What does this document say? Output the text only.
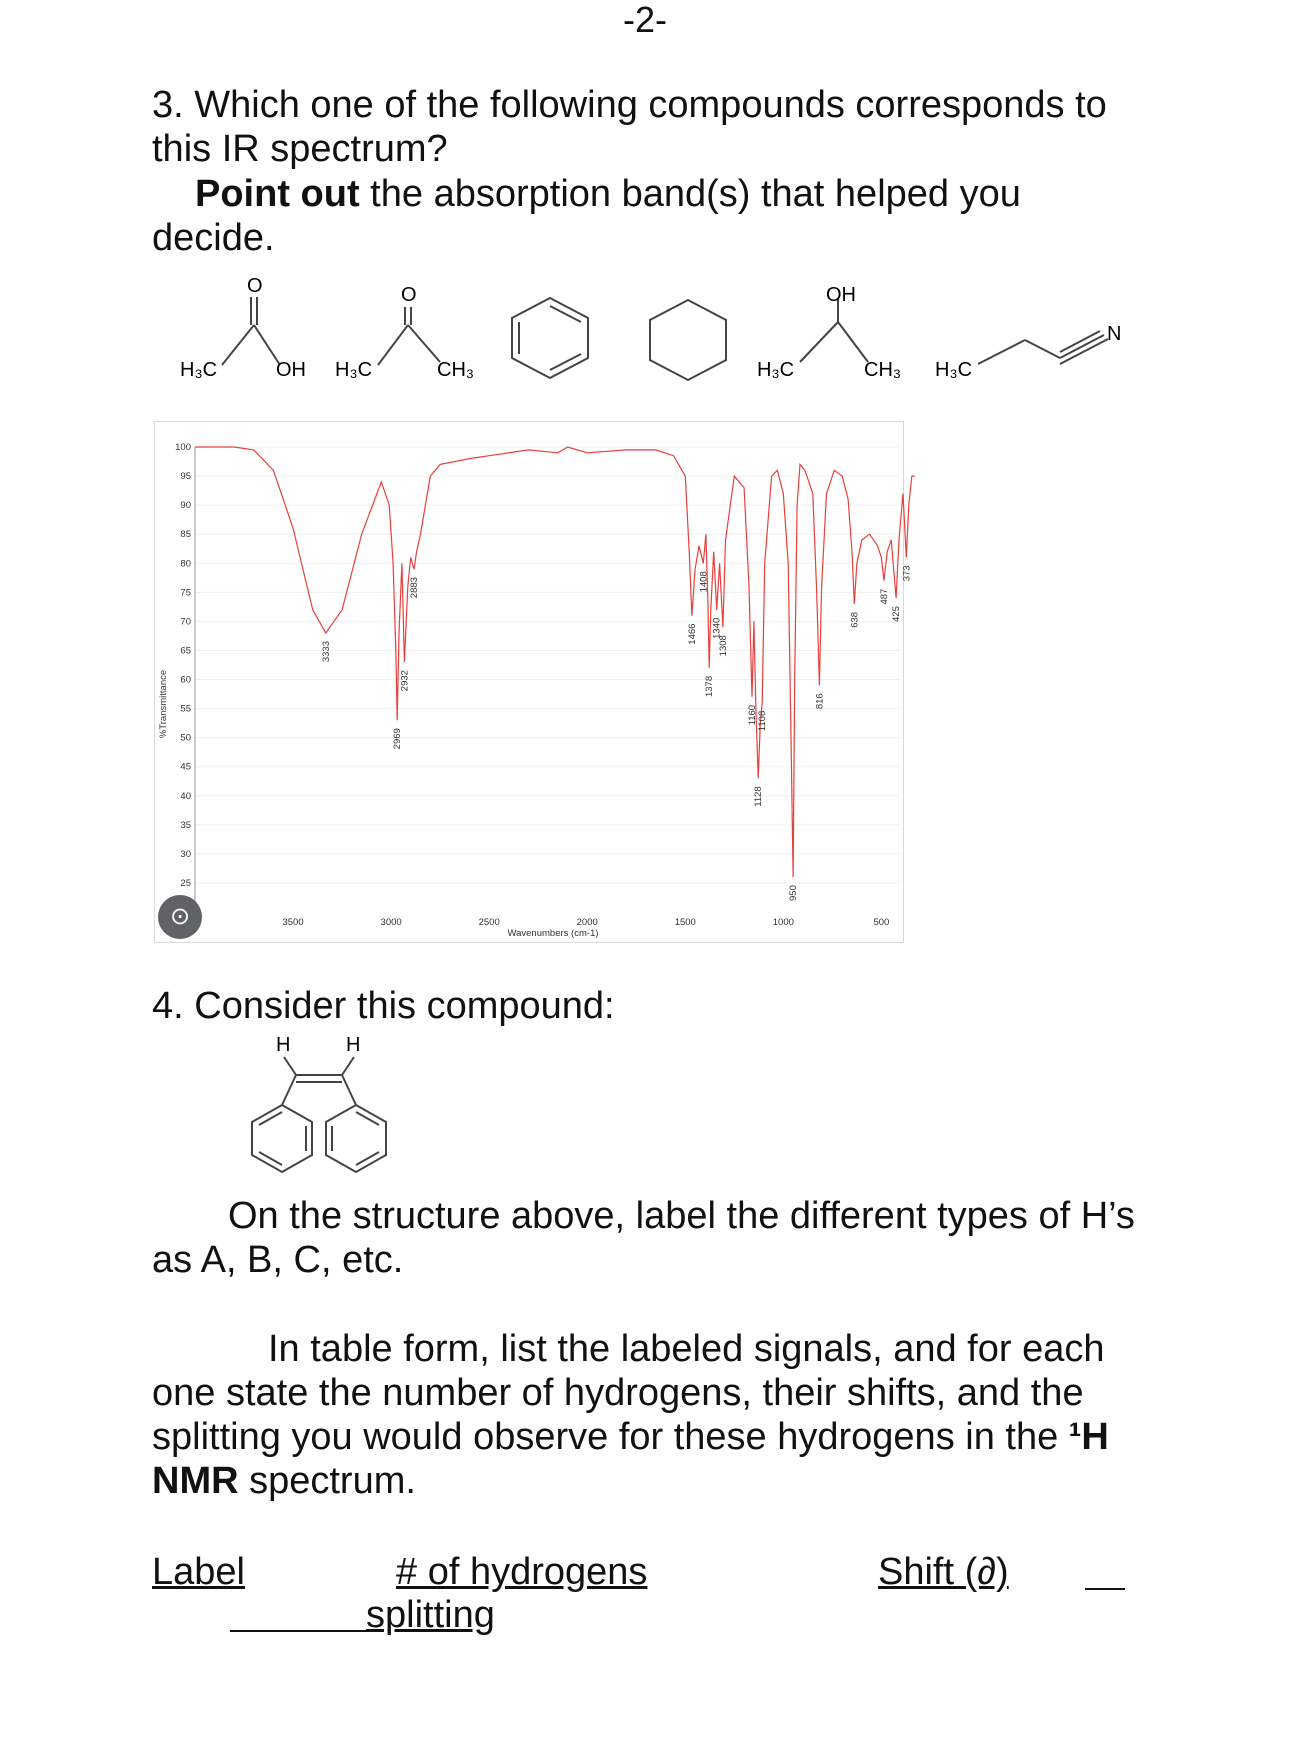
-2-
3. Which one of the following compounds corresponds to
this IR spectrum?
Point out the absorption band(s) that helped you
decide.
O
H₃C	OH
O
H₃C	CH₃
OH
H₃C	CH₃ H₃C
N
100
95
90
85
80
75
70
65
60
55
50
45
40
35
30
25
3500	3000	2500	2000	1500	1000	500
3333
2969
2932
2883
1466
1408
1378
1340
1308
1160
1128
1108
950
816
638
487
425
373
Wavenumbers (cm-1)
%Transmittance
⊙
4. Consider this compound:
H	H
On the structure above, label the different types of H’s
as A, B, C, etc.
In table form, list the labeled signals, and for each
one state the number of hydrogens, their shifts, and the
splitting you would observe for these hydrogens in the ¹H
NMR spectrum.
Label	# of hydrogens	Shift (∂)
splitting
